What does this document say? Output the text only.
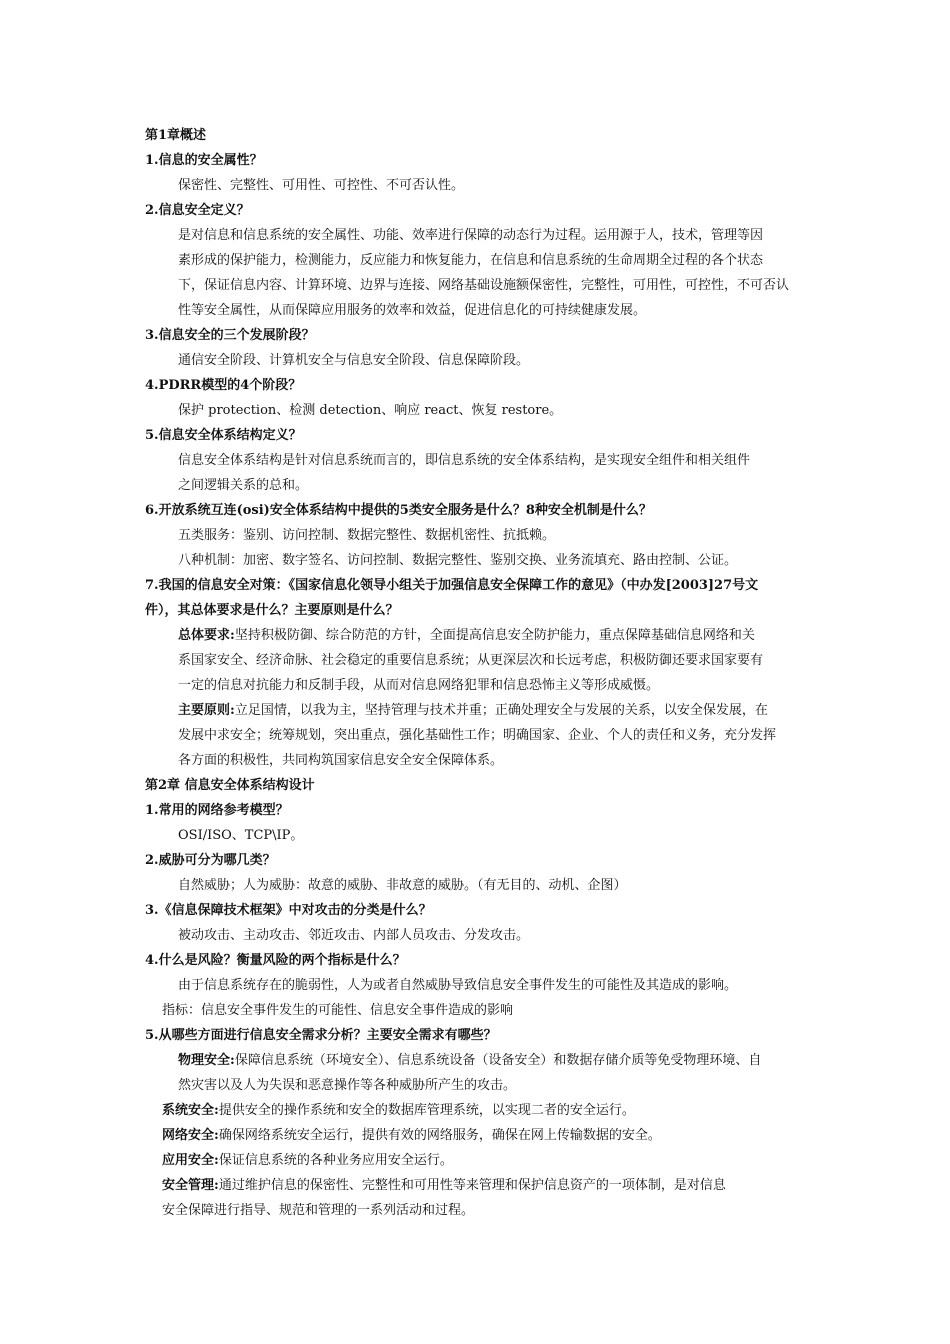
第1章概述
1.信息的安全属性？
保密性、完整性、可用性、可控性、不可否认性。
2.信息安全定义？
是对信息和信息系统的安全属性、功能、效率进行保障的动态行为过程。运用源于人，技术，管理等因
素形成的保护能力，检测能力，反应能力和恢复能力，在信息和信息系统的生命周期全过程的各个状态
下，保证信息内容、计算环境、边界与连接、网络基础设施额保密性，完整性，可用性，可控性，不可否认
性等安全属性，从而保障应用服务的效率和效益，促进信息化的可持续健康发展。
3.信息安全的三个发展阶段？
通信安全阶段、计算机安全与信息安全阶段、信息保障阶段。
4.PDRR模型的4个阶段？
保护 protection、检测 detection、响应 react、恢复 restore。
5.信息安全体系结构定义？
信息安全体系结构是针对信息系统而言的，即信息系统的安全体系结构，是实现安全组件和相关组件
之间逻辑关系的总和。
6.开放系统互连(osi)安全体系结构中提供的5类安全服务是什么？8种安全机制是什么？
五类服务：鉴别、访问控制、数据完整性、数据机密性、抗抵赖。
八种机制：加密、数字签名、访问控制、数据完整性、鉴别交换、业务流填充、路由控制、公证。
7.我国的信息安全对策：《国家信息化领导小组关于加强信息安全保障工作的意见》（中办发[2003]27号文
件），其总体要求是什么？主要原则是什么？
总体要求:坚持积极防御、综合防范的方针，全面提高信息安全防护能力，重点保障基础信息网络和关
系国家安全、经济命脉、社会稳定的重要信息系统；从更深层次和长远考虑，积极防御还要求国家要有
一定的信息对抗能力和反制手段，从而对信息网络犯罪和信息恐怖主义等形成威慑。
主要原则:立足国情，以我为主，坚持管理与技术并重；正确处理安全与发展的关系，以安全保发展，在
发展中求安全；统筹规划，突出重点，强化基础性工作；明确国家、企业、个人的责任和义务，充分发挥
各方面的积极性，共同构筑国家信息安全安全保障体系。
第2章 信息安全体系结构设计
1.常用的网络参考模型？
OSI/ISO、TCP\IP。
2.威胁可分为哪几类？
自然威胁；人为威胁：故意的威胁、非故意的威胁。（有无目的、动机、企图）
3.《信息保障技术框架》中对攻击的分类是什么？
被动攻击、主动攻击、邻近攻击、内部人员攻击、分发攻击。
4.什么是风险？衡量风险的两个指标是什么？
由于信息系统存在的脆弱性，人为或者自然威胁导致信息安全事件发生的可能性及其造成的影响。
指标：信息安全事件发生的可能性、信息安全事件造成的影响
5.从哪些方面进行信息安全需求分析？主要安全需求有哪些？
物理安全:保障信息系统（环境安全）、信息系统设备（设备安全）和数据存储介质等免受物理环境、自
然灾害以及人为失误和恶意操作等各种威胁所产生的攻击。
系统安全:提供安全的操作系统和安全的数据库管理系统，以实现二者的安全运行。
网络安全:确保网络系统安全运行，提供有效的网络服务，确保在网上传输数据的安全。
应用安全:保证信息系统的各种业务应用安全运行。
安全管理:通过维护信息的保密性、完整性和可用性等来管理和保护信息资产的一项体制，是对信息
安全保障进行指导、规范和管理的一系列活动和过程。
